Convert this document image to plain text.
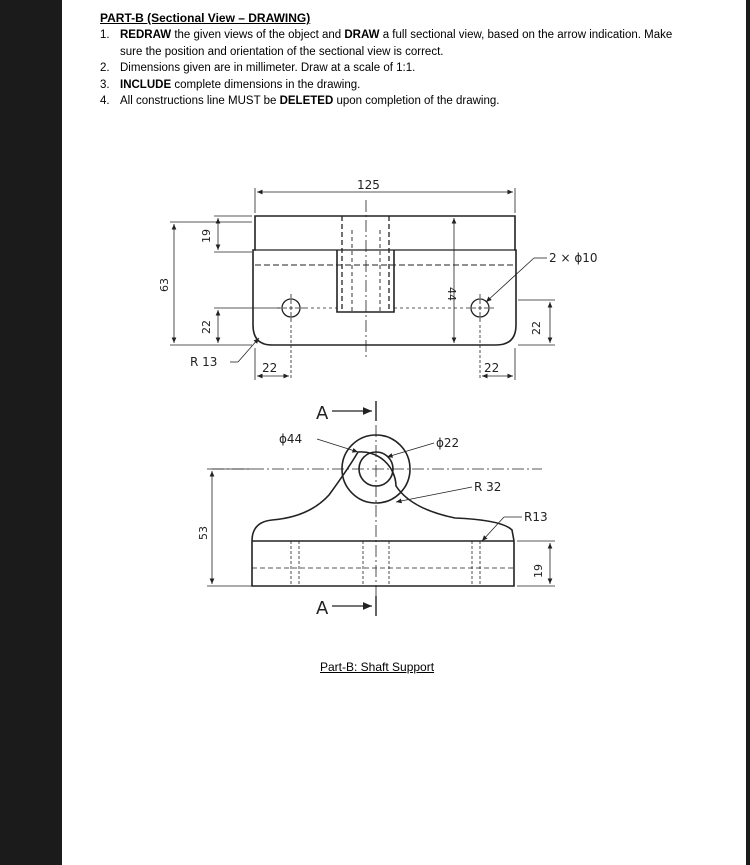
PART-B (Sectional View – DRAWING)
1. REDRAW the given views of the object and DRAW a full sectional view, based on the arrow indication. Make sure the position and orientation of the sectional view is correct.
2. Dimensions given are in millimeter. Draw at a scale of 1:1.
3. INCLUDE complete dimensions in the drawing.
4. All constructions line MUST be DELETED upon completion of the drawing.
125
63
19
22
R 13	22	22
44
22
2 × ϕ10
A
ϕ44	ϕ22
R 32
R13
53
19
A
Part-B: Shaft Support
